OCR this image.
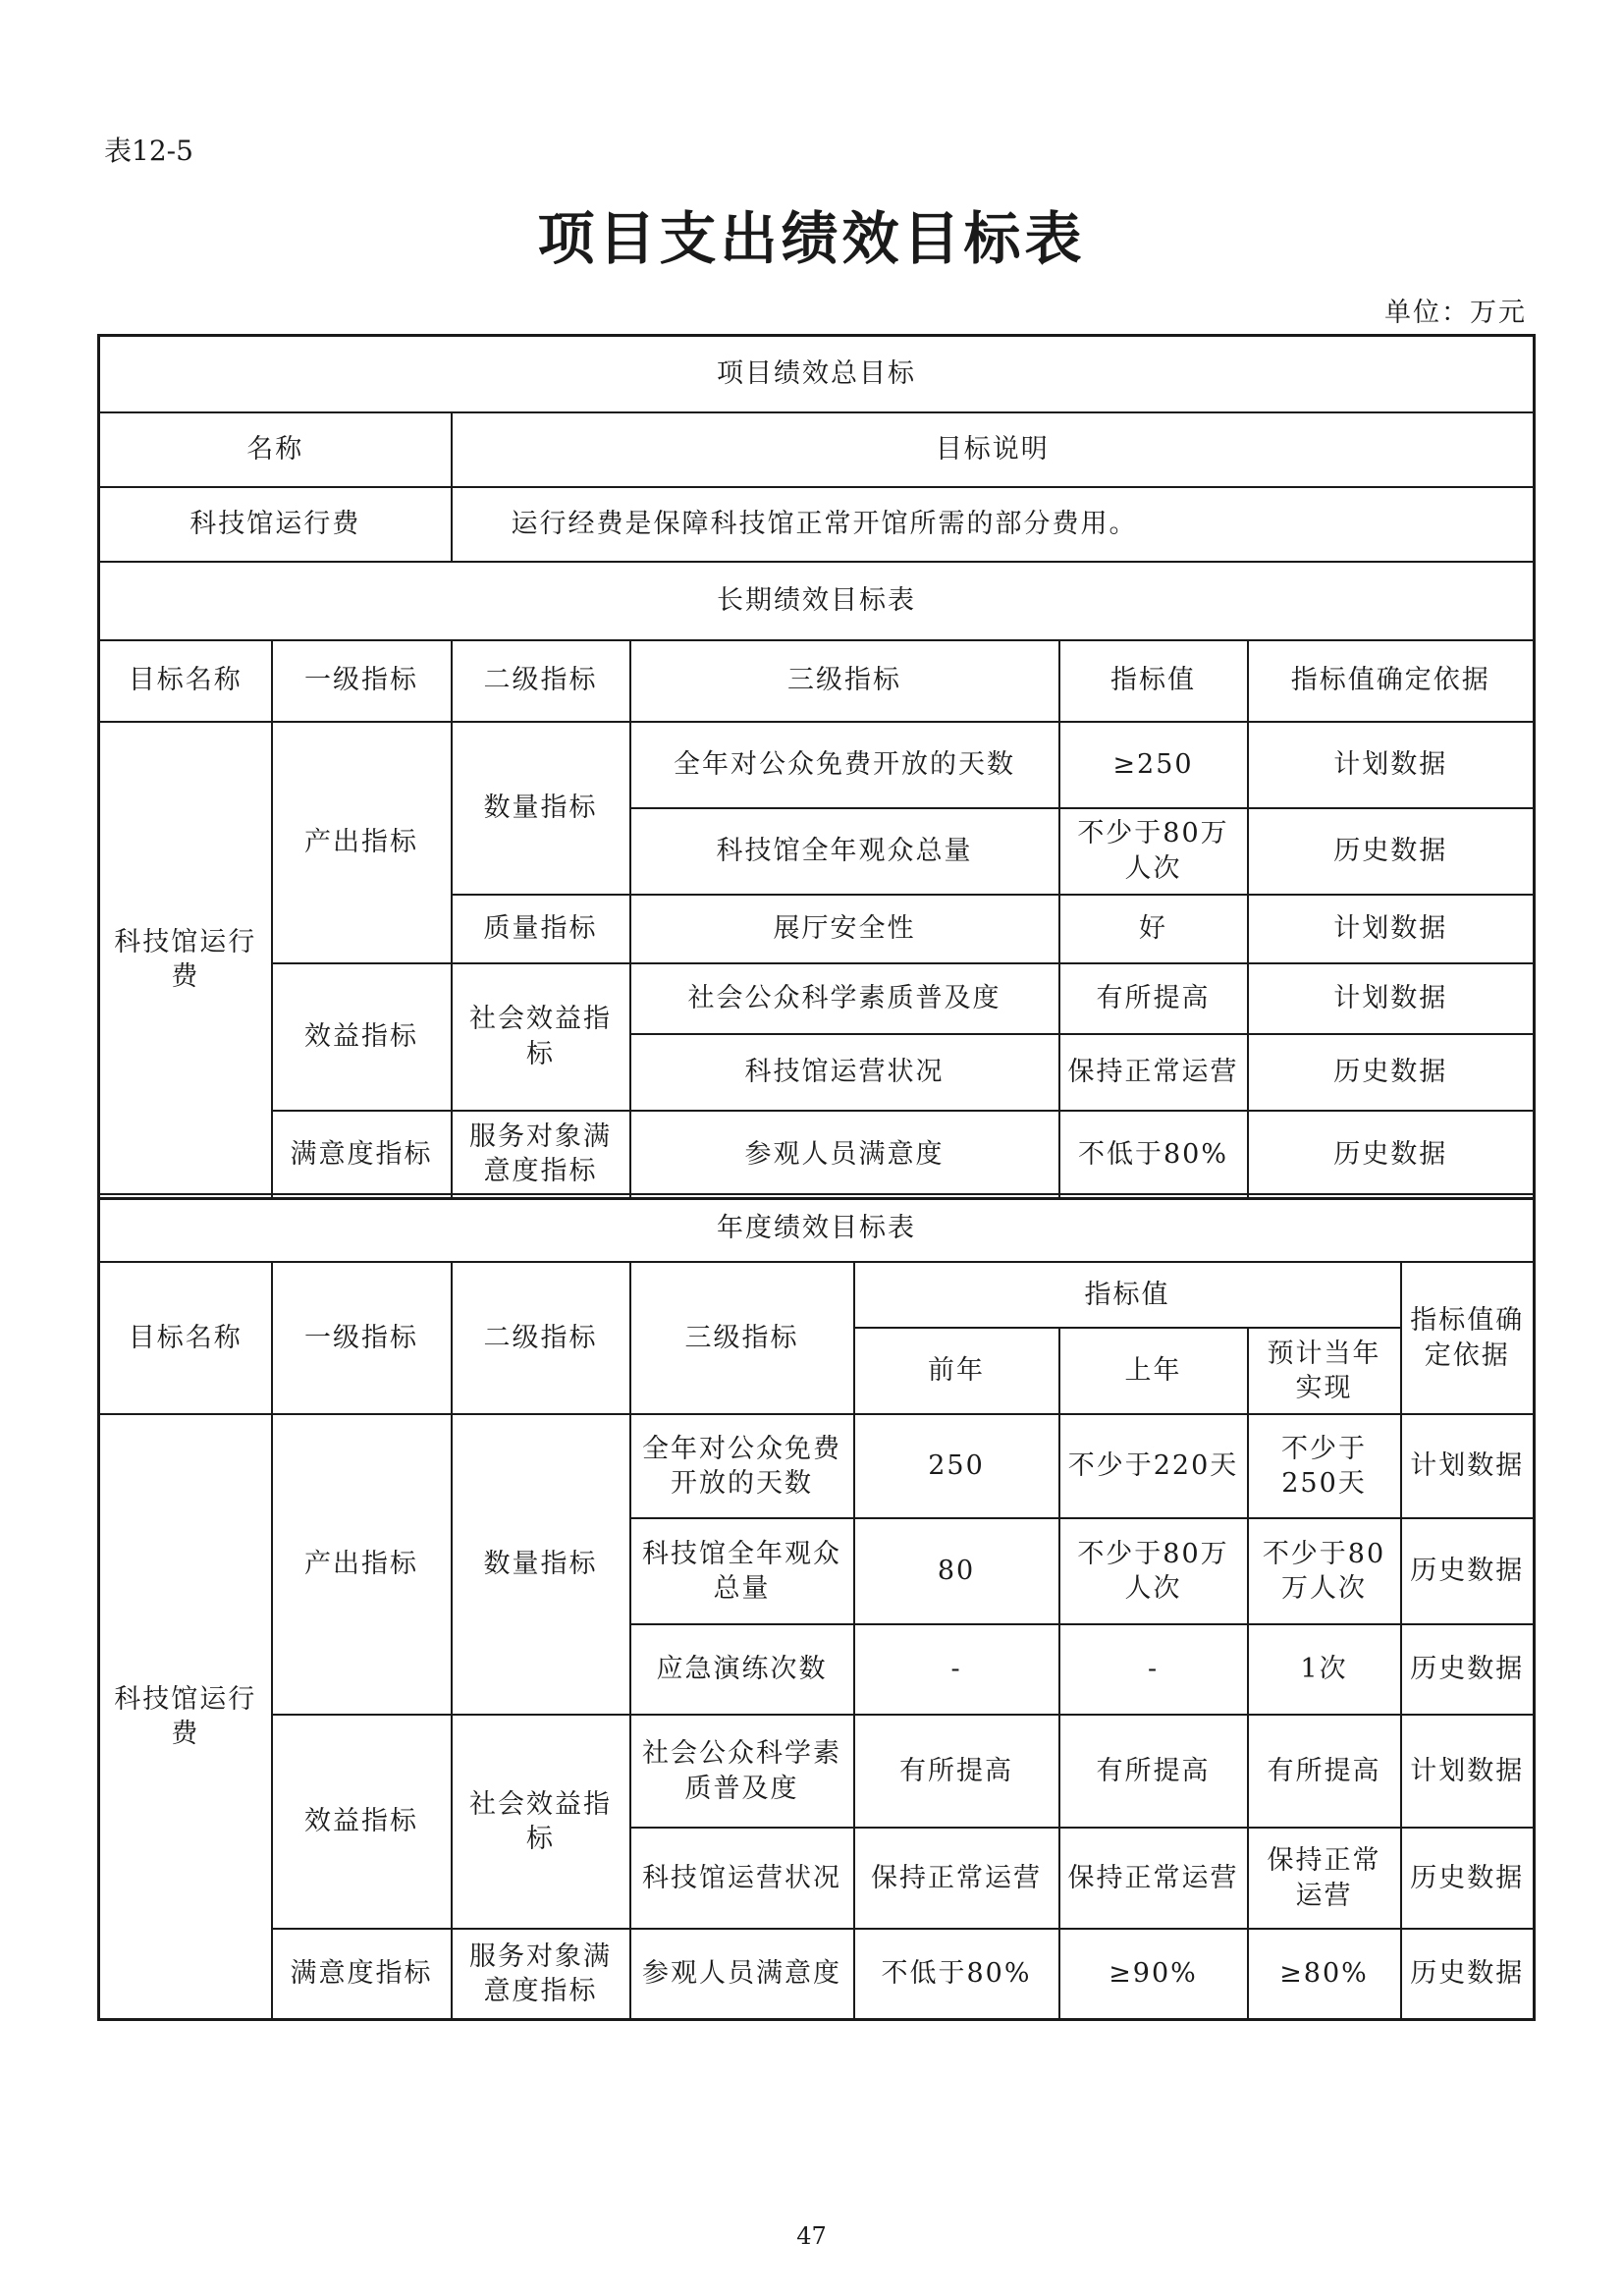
表12-5
项目支出绩效目标表
单位：万元
项目绩效总目标					
名称		目标说明			
科技馆运行费		运行经费是保障科技馆正常开馆所需的部分费用。			
长期绩效目标表					
目标名称	一级指标	二级指标	三级指标	指标值	指标值确定依据
科技馆运行费	产出指标	数量指标	全年对公众免费开放的天数	≥250	计划数据
			科技馆全年观众总量	不少于80万人次	历史数据
		质量指标	展厅安全性	好	计划数据
	效益指标	社会效益指标	社会公众科学素质普及度	有所提高	计划数据
			科技馆运营状况	保持正常运营	历史数据
	满意度指标	服务对象满意度指标	参观人员满意度	不低于80%	历史数据
年度绩效目标表							
目标名称	一级指标	二级指标	三级指标	指标值			指标值确定依据
				前年	上年	预计当年实现	
科技馆运行费	产出指标	数量指标	全年对公众免费开放的天数	250	不少于220天	不少于250天	计划数据
			科技馆全年观众总量	80	不少于80万人次	不少于80万人次	历史数据
			应急演练次数	-	-	1次	历史数据
	效益指标	社会效益指标	社会公众科学素质普及度	有所提高	有所提高	有所提高	计划数据
			科技馆运营状况	保持正常运营	保持正常运营	保持正常运营	历史数据
	满意度指标	服务对象满意度指标	参观人员满意度	不低于80%	≥90%	≥80%	历史数据
47
